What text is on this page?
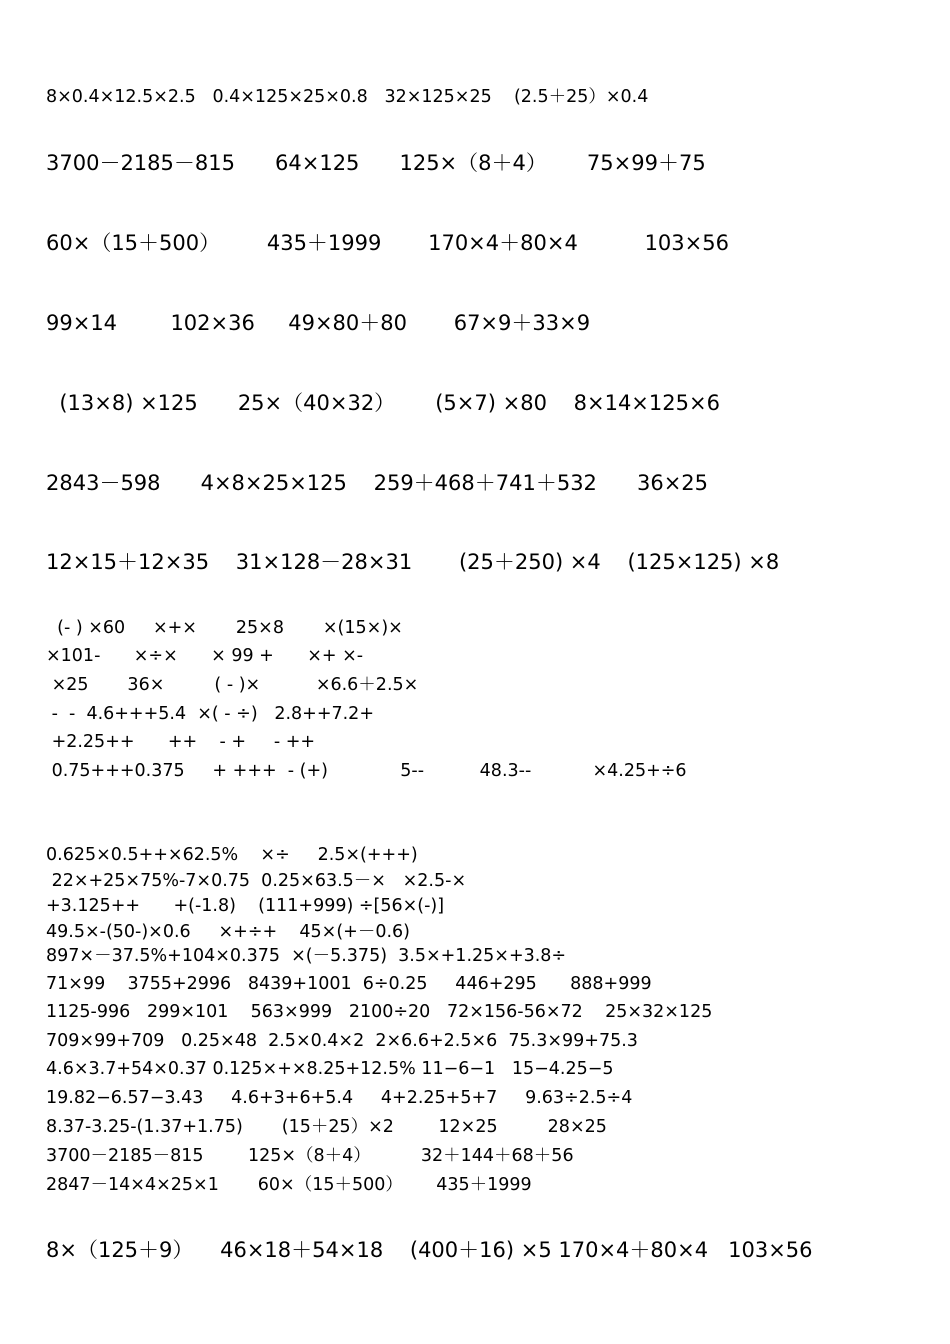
8×0.4×12.5×2.5   0.4×125×25×0.8   32×125×25    (2.5＋25）×0.4
3700－2185－815      64×125      125×（8＋4）      75×99＋75
60×（15＋500）       435＋1999       170×4＋80×4          103×56
99×14        102×36     49×80＋80       67×9＋33×9
(13×8) ×125      25×（40×32）      (5×7) ×80    8×14×125×6
2843－598      4×8×25×125    259＋468＋741＋532      36×25
12×15＋12×35    31×128－28×31       (25＋250) ×4    (125×125) ×8
(- ) ×60     ×+×       25×8       ×(15×)×
×101-      ×÷×      × 99 +      ×+ ×-
×25       36×         ( - )×          ×6.6＋2.5×
-  -  4.6+++5.4  ×( - ÷)   2.8++7.2+
+2.25++      ++    - +     - ++
0.75+++0.375     + +++  - (+)             5--          48.3--           ×4.25+÷6
0.625×0.5++×62.5%    ×÷     2.5×(+++)
22×+25×75%-7×0.75  0.25×63.5－×   ×2.5-×
+3.125++      +(-1.8)    (111+999) ÷[56×(-)]
49.5×-(50-)×0.6     ×+÷+    45×(+－0.6)
897×－37.5%+104×0.375  ×(－5.375)  3.5×+1.25×+3.8÷
71×99    3755+2996   8439+1001  6÷0.25     446+295      888+999
1125-996   299×101    563×999   2100÷20   72×156-56×72    25×32×125
709×99+709   0.25×48  2.5×0.4×2  2×6.6+2.5×6  75.3×99+75.3
4.6×3.7+54×0.37 0.125×+×8.25+12.5% 11−6−1   15−4.25−5
19.82−6.57−3.43     4.6+3+6+5.4     4+2.25+5+7     9.63÷2.5÷4
8.37-3.25-(1.37+1.75)       (15＋25）×2        12×25         28×25
3700－2185－815        125×（8＋4）         32＋144＋68＋56
2847－14×4×25×1       60×（15＋500）      435＋1999
8×（125＋9）    46×18＋54×18    (400＋16) ×5 170×4＋80×4   103×56
